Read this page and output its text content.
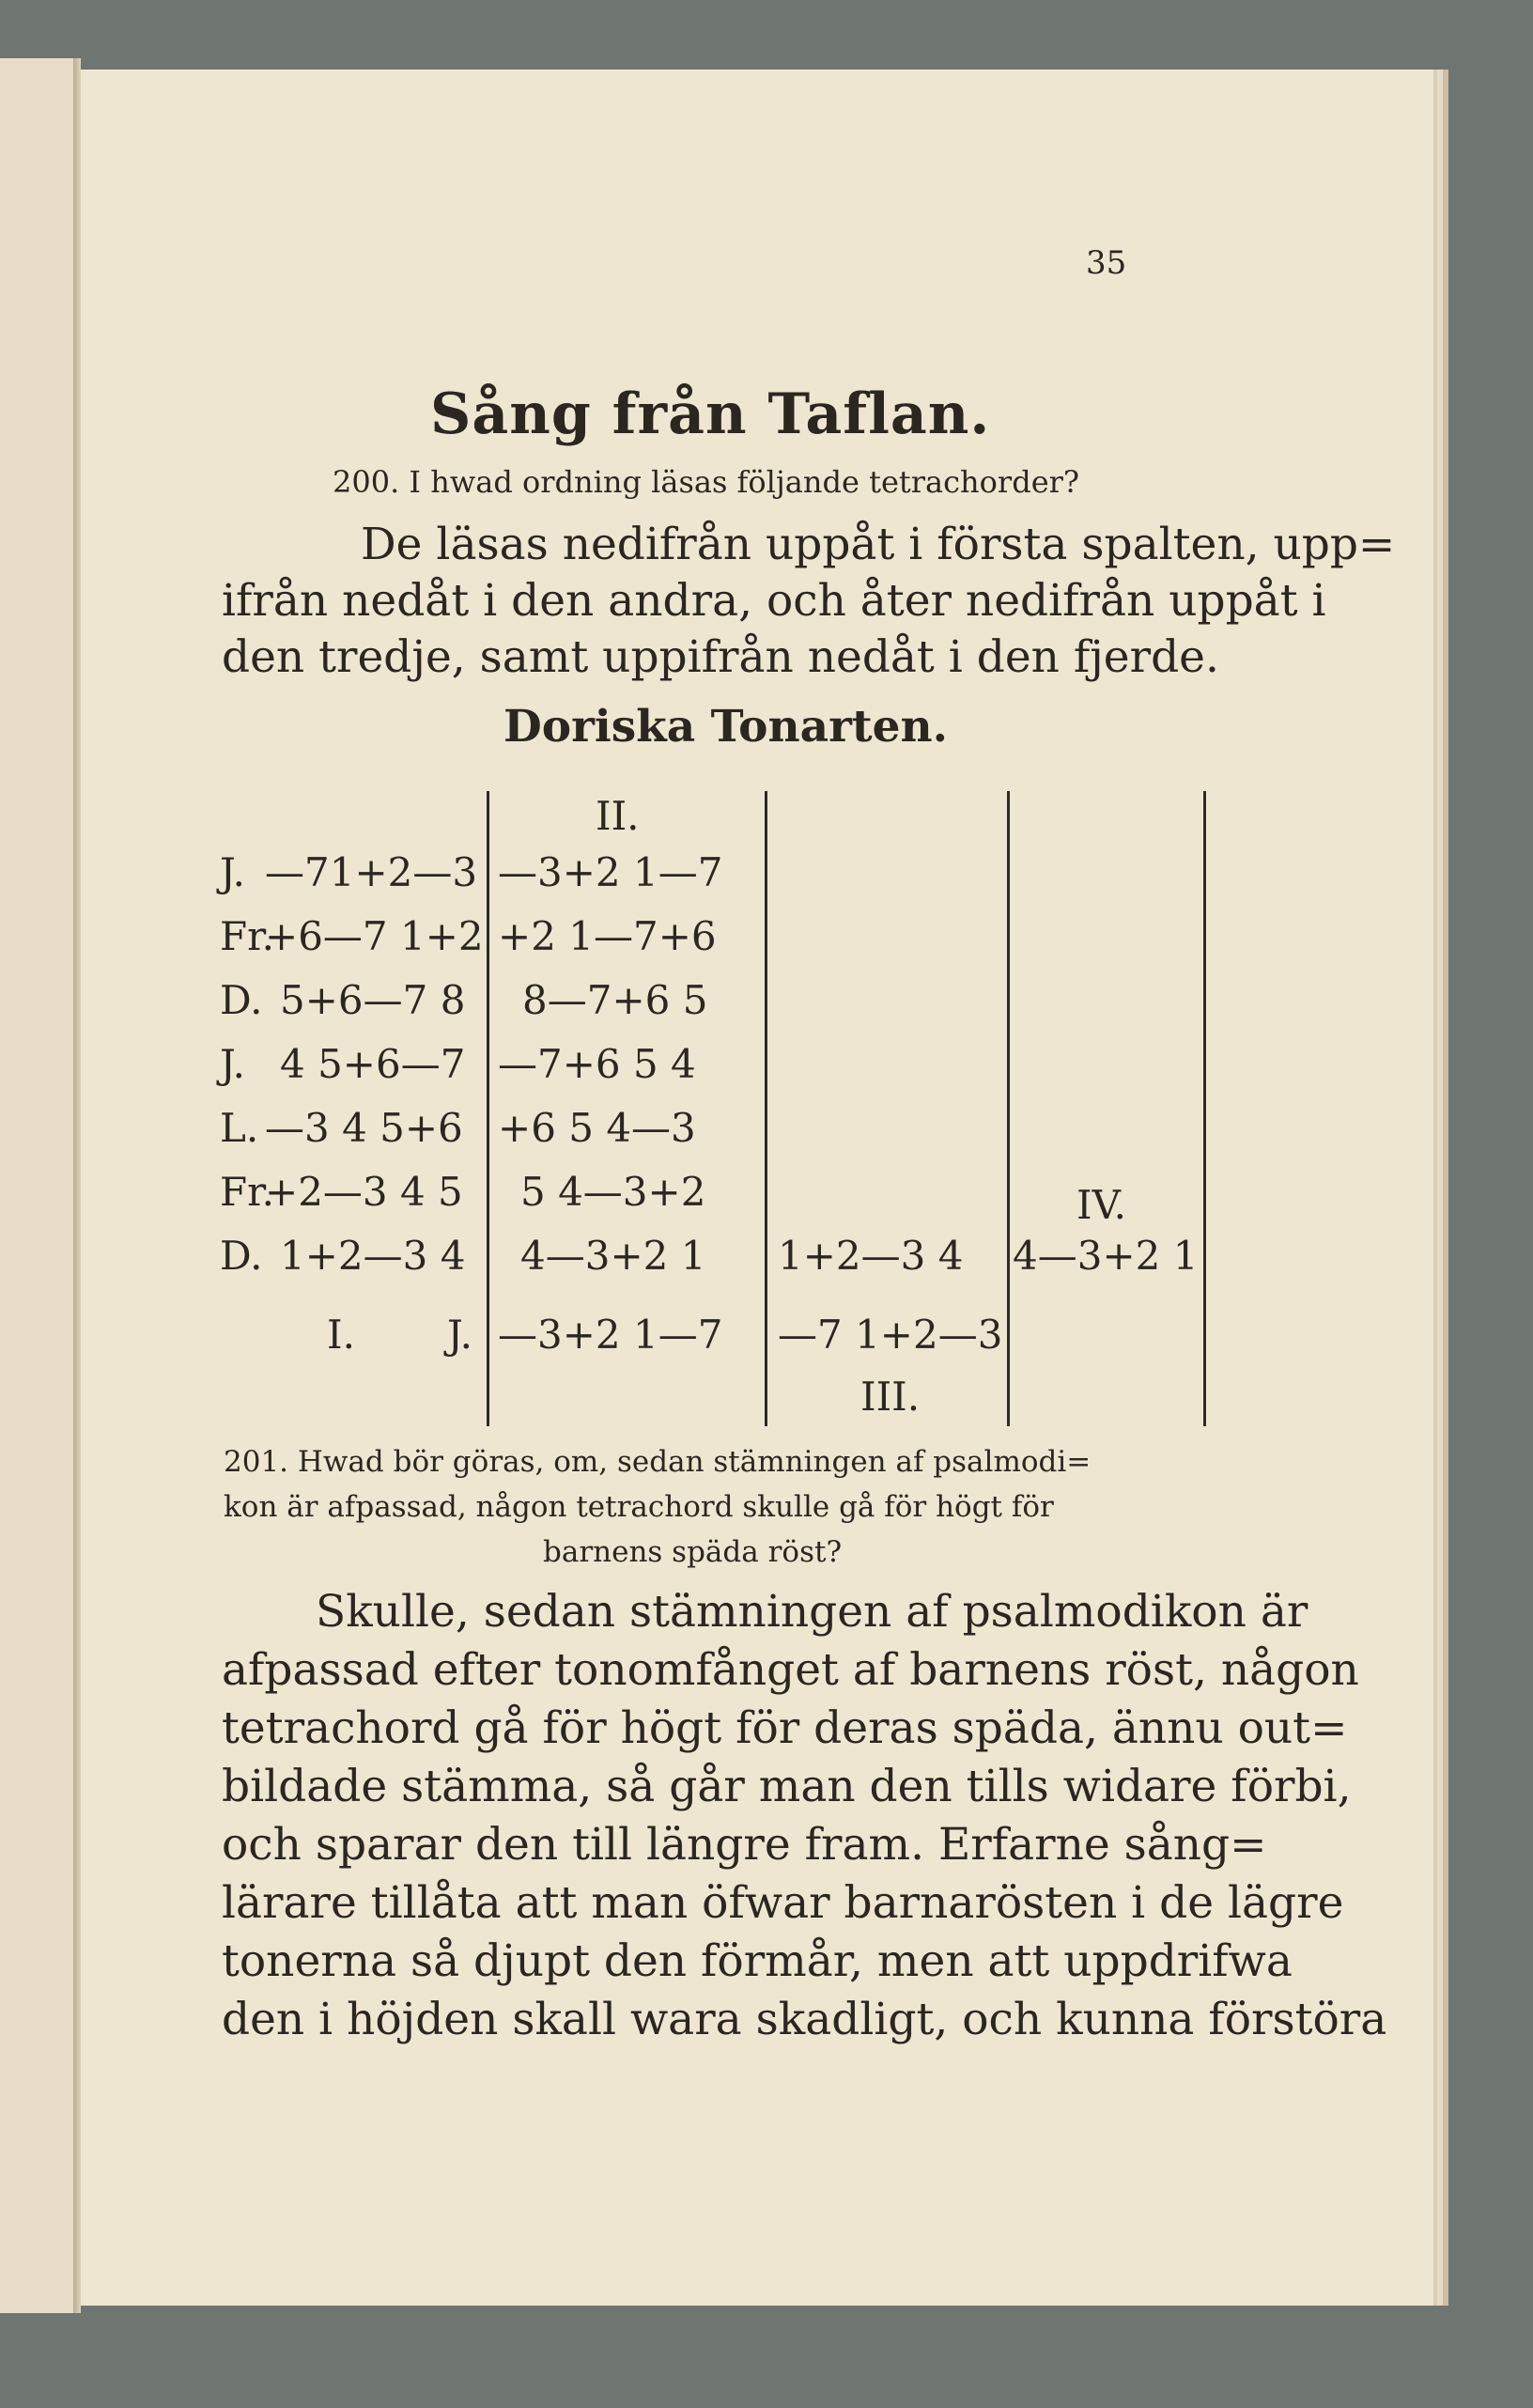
35
Sång från Taflan.
200. I hwad ordning läsas följande tetrachorder?
De läsas nedifrån uppåt i första spalten, upp=
ifrån nedåt i den andra, och åter nedifrån uppåt i
den tredje, samt uppifrån nedåt i den fjerde.
Doriska Tonarten.
II.
IV.
III.
I.
J.
Fr.
D.
J.
L.
Fr.
D.
J.
—71+2—3
+6—7 1+2
5+6—7 8
4 5+6—7
—3 4 5+6
+2—3 4 5
1+2—3 4
—3+2 1—7
+2 1—7+6
8—7+6 5
—7+6 5 4
+6 5 4—3
5 4—3+2
4—3+2 1
—3+2 1—7
1+2—3 4
—7 1+2—3
4—3+2 1
201. Hwad bör göras, om, sedan stämningen af psalmodi=
kon är afpassad, någon tetrachord skulle gå för högt för
barnens späda röst?
Skulle, sedan stämningen af psalmodikon är
afpassad efter tonomfånget af barnens röst, någon
tetrachord gå för högt för deras späda, ännu out=
bildade stämma, så går man den tills widare förbi,
och sparar den till längre fram. Erfarne sång=
lärare tillåta att man öfwar barnarösten i de lägre
tonerna så djupt den förmår, men att uppdrifwa
den i höjden skall wara skadligt, och kunna förstöra
